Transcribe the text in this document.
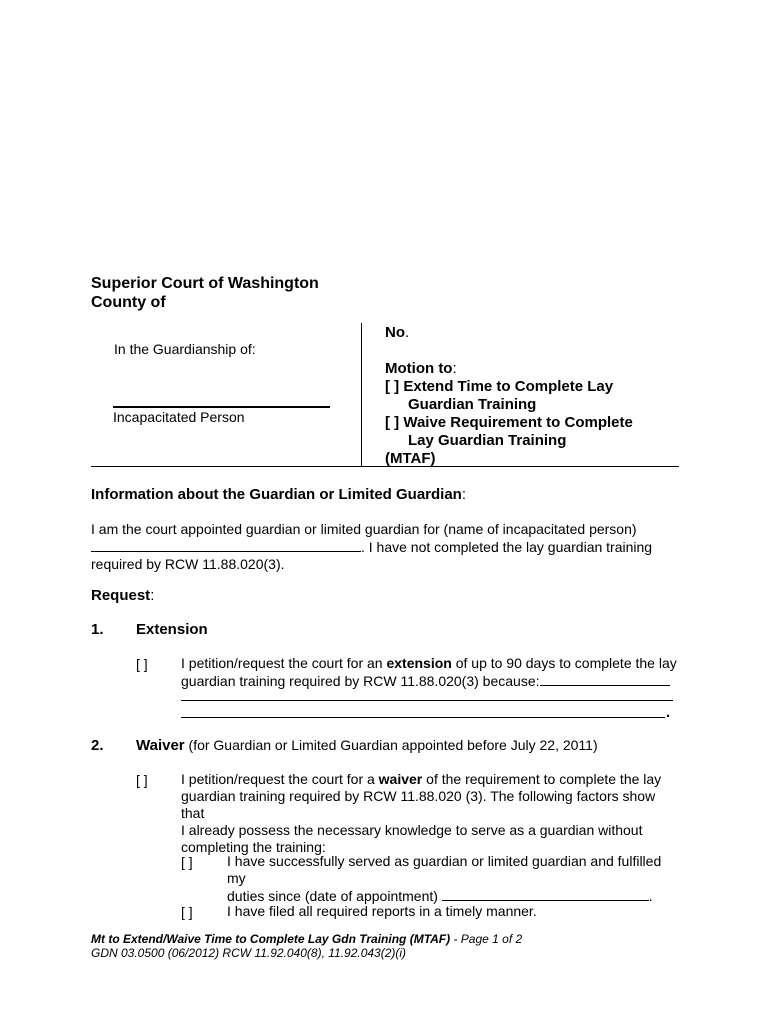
Superior Court of Washington
County of
In the Guardianship of:
Incapacitated Person
No.
Motion to:
[ ] Extend Time to Complete Lay
Guardian Training
[ ] Waive Requirement to Complete
Lay Guardian Training
(MTAF)
Information about the Guardian or Limited Guardian:

I am the court appointed guardian or limited guardian for (name of incapacitated person)

. I have not completed the lay guardian training

required by RCW 11.88.020(3).

Request:
1. Extension
[ ] I petition/request the court for an extension of up to 90 days to complete the lay

guardian training required by RCW 11.88.020(3) because:

.
2. Waiver (for Guardian or Limited Guardian appointed before July 22, 2011)
[ ] I petition/request the court for a waiver of the requirement to complete the lay

guardian training required by RCW 11.88.020 (3). The following factors show that

I already possess the necessary knowledge to serve as a guardian without

completing the training:

[ ] I have successfully served as guardian or limited guardian and fulfilled my

duties since (date of appointment)	.

[ ] I have filed all required reports in a timely manner.

Mt to Extend/Waive Time to Complete Lay Gdn Training (MTAF) - Page 1 of 2
GDN 03.0500 (06/2012) RCW 11.92.040(8), 11.92.043(2)(i)
